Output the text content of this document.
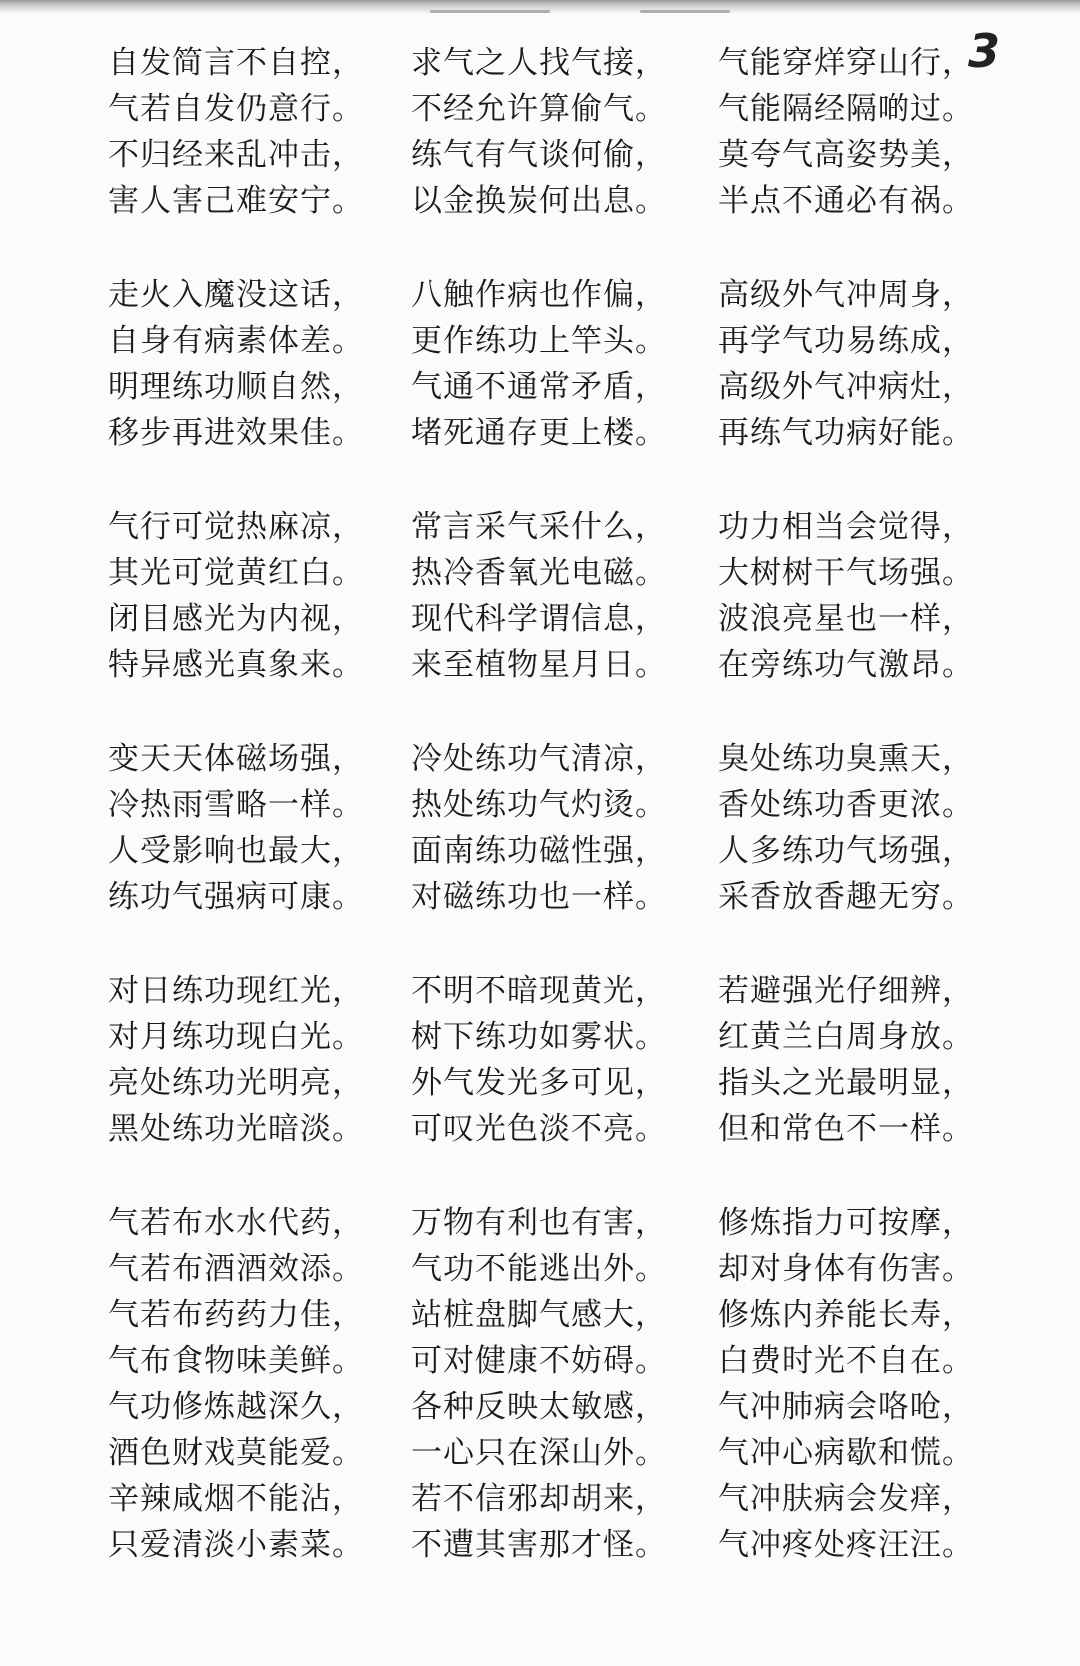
3
自发简言不自控，
气若自发仍意行。
不归经来乱冲击，
害人害己难安宁。
求气之人找气接，
不经允许算偷气。
练气有气谈何偷，
以金换炭何出息。
气能穿烊穿山行，
气能隔经隔啲过。
莫夸气高姿势美，
半点不通必有祸。
走火入魔没这话，
自身有病素体差。
明理练功顺自然，
移步再进效果佳。
八触作病也作偏，
更作练功上竿头。
气通不通常矛盾，
堵死通存更上楼。
高级外气冲周身，
再学气功易练成，
高级外气冲病灶，
再练气功病好能。
气行可觉热麻凉，
其光可觉黄红白。
闭目感光为内视，
特异感光真象来。
常言采气采什么，
热冷香氧光电磁。
现代科学谓信息，
来至植物星月日。
功力相当会觉得，
大树树干气场强。
波浪亮星也一样，
在旁练功气激昂。
变天天体磁场强，
冷热雨雪略一样。
人受影响也最大，
练功气强病可康。
冷处练功气清凉，
热处练功气灼烫。
面南练功磁性强，
对磁练功也一样。
臭处练功臭熏天，
香处练功香更浓。
人多练功气场强，
采香放香趣无穷。
对日练功现红光，
对月练功现白光。
亮处练功光明亮，
黑处练功光暗淡。
不明不暗现黄光，
树下练功如雾状。
外气发光多可见，
可叹光色淡不亮。
若避强光仔细辨，
红黄兰白周身放。
指头之光最明显，
但和常色不一样。
气若布水水代药，
气若布酒酒效添。
气若布药药力佳，
气布食物味美鲜。
气功修炼越深久，
酒色财戏莫能爱。
辛辣咸烟不能沾，
只爱清淡小素菜。
万物有利也有害，
气功不能逃出外。
站桩盘脚气感大，
可对健康不妨碍。
各种反映太敏感，
一心只在深山外。
若不信邪却胡来，
不遭其害那才怪。
修炼指力可按摩，
却对身体有伤害。
修炼内养能长寿，
白费时光不自在。
气冲肺病会咯呛，
气冲心病歇和慌。
气冲肤病会发痒，
气冲疼处疼汪汪。
